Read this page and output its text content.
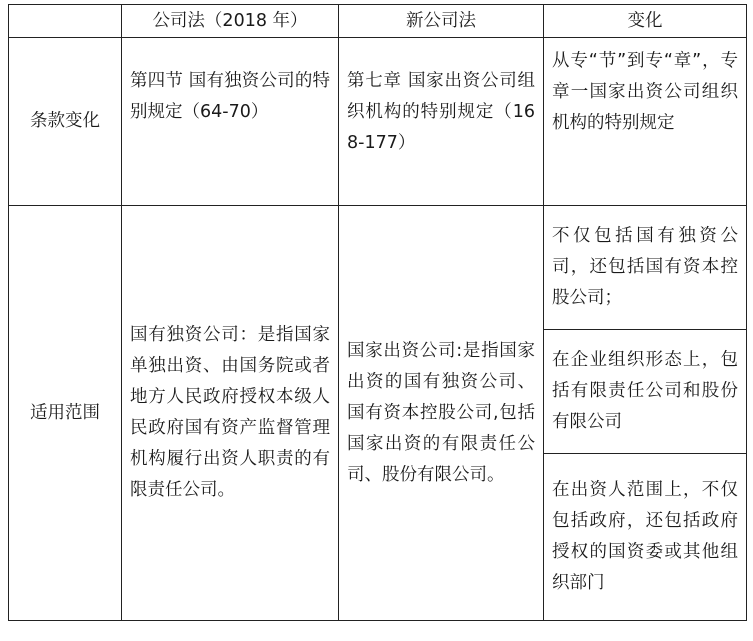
	公司法（2018 年）	新公司法	变化
条款变化	第四节 国有独资公司的特别规定（64-70）	第七章 国家出资公司组织机构的特别规定（168-177）	从专“节”到专“章”，专章一国家出资公司组织机构的特别规定
适用范围	国有独资公司：是指国家单独出资、由国务院或者地方人民政府授权本级人民政府国有资产监督管理机构履行出资人职责的有限责任公司。	国家出资公司:是指国家出资的国有独资公司、国有资本控股公司,包括国家出资的有限责任公司、股份有限公司。	不仅包括国有独资公司，还包括国有资本控股公司；
			在企业组织形态上，包括有限责任公司和股份有限公司
			在出资人范围上，不仅包括政府，还包括政府授权的国资委或其他组织部门
